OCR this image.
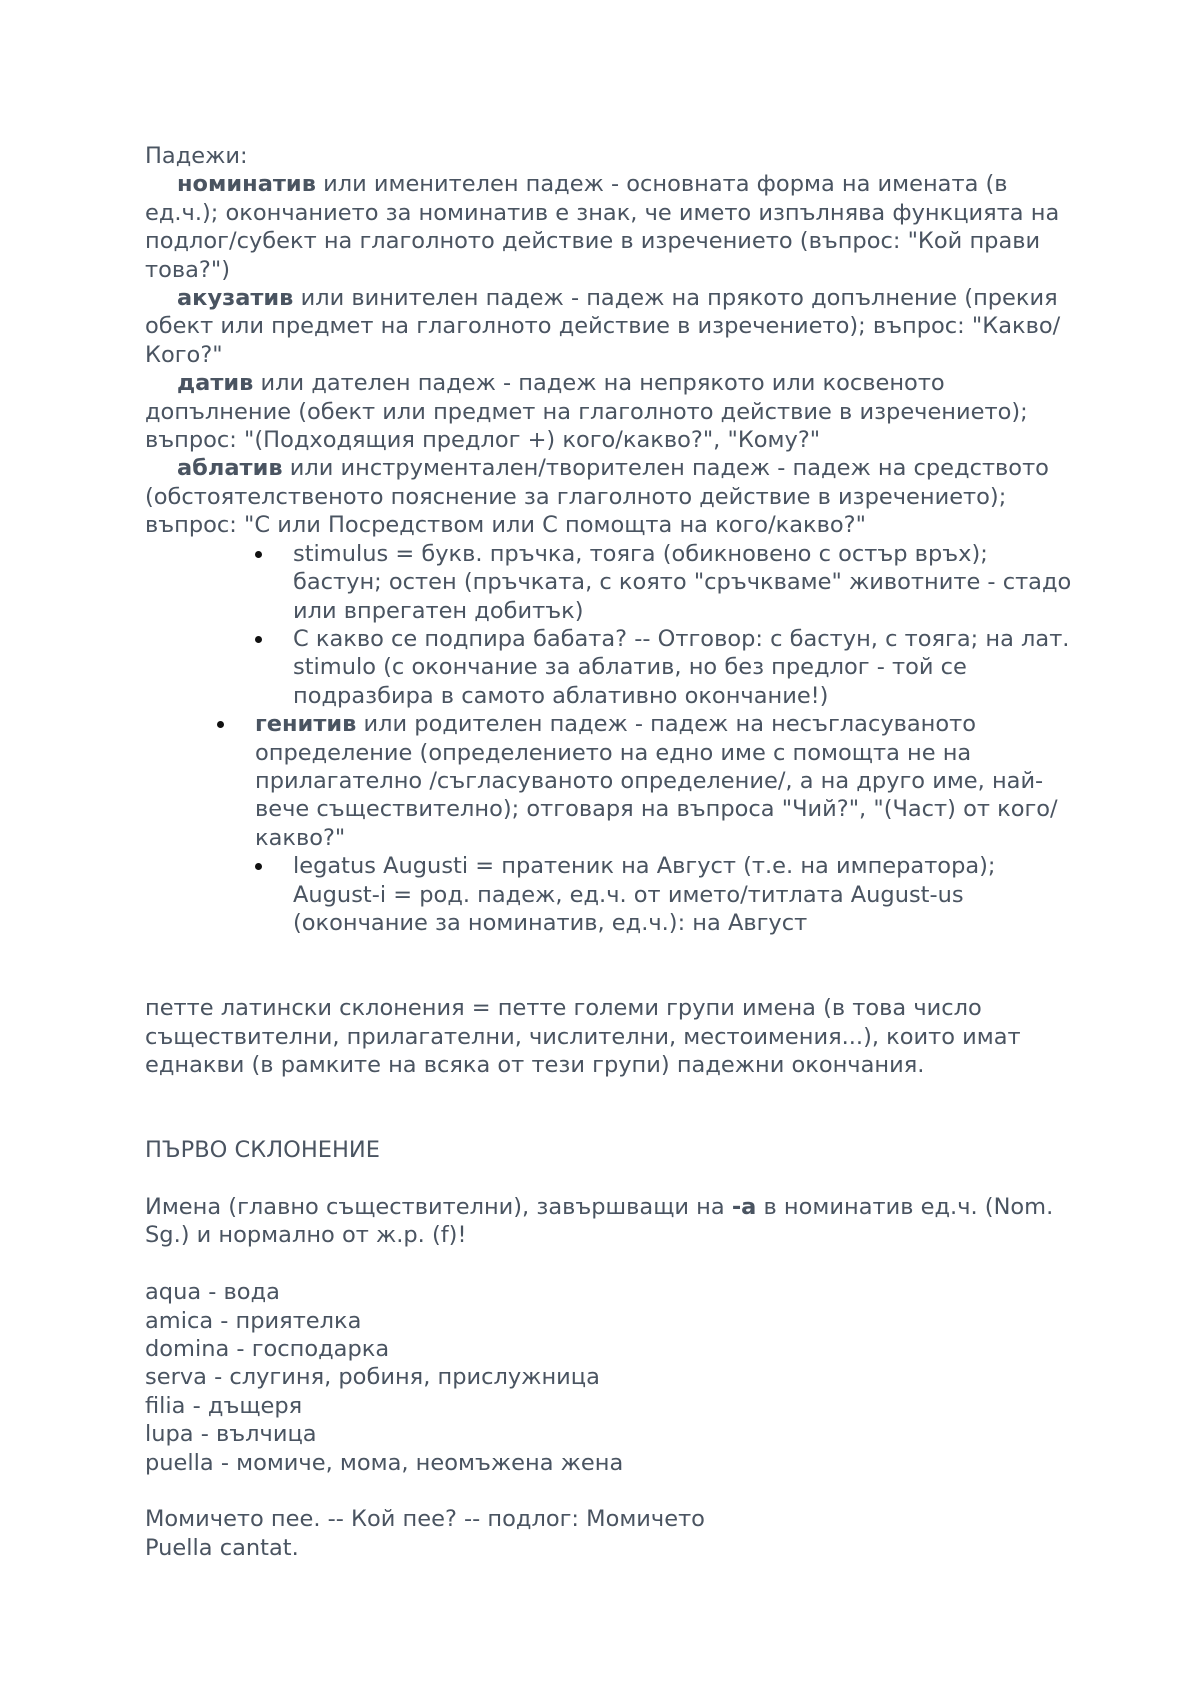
Падежи:

номинатив или именителен падеж - основната форма на имената (в ед.ч.); окончанието за номинатив е знак, че името изпълнява функцията на подлог/субект на глаголното действие в изречението (въпрос: "Кой прави това?")

акузатив или винителен падеж - падеж на прякото допълнение (прекия обект или предмет на глаголното действие в изречението); въпрос: "Какво/Кого?"

датив или дателен падеж - падеж на непрякото или косвеното допълнение (обект или предмет на глаголното действие в изречението); въпрос: "(Подходящия предлог +) кого/какво?", "Кому?"

аблатив или инструментален/творителен падеж - падеж на средството (обстоятелственото пояснение за глаголното действие в изречението); въпрос: "С или Посредством или С помощта на кого/какво?"

stimulus = букв. пръчка, тояга (обикновено с остър връх); бастун; остен (пръчката, с която "сръчкваме" животните - стадо или впрегатен добитък)
С какво се подпира бабата? -- Отговор: с бастун, с тояга; на лат. stimulo (с окончание за аблатив, но без предлог - той се подразбира в самото аблативно окончание!)
генитив или родителен падеж - падеж на несъгласуваното определение (определението на едно име с помощта не на прилагателно /съгласуваното определение/, а на друго име, най-вече съществително); отговаря на въпроса "Чий?", "(Част) от кого/какво?"
legatus Augusti = пратеник на Август (т.е. на императора); August-i = род. падеж, ед.ч. от името/титлата August-us (окончание за номинатив, ед.ч.): на Август

петте латински склонения = петте големи групи имена (в това число съществителни, прилагателни, числителни, местоимения...), които имат еднакви (в рамките на всяка от тези групи) падежни окончания.

ПЪРВО СКЛОНЕНИЕ

Имена (главно съществителни), завършващи на -a в номинатив ед.ч. (Nom. Sg.) и нормално от ж.р. (f)!

aqua - вода

amica - приятелка

domina - господарка

serva - слугиня, робиня, прислужница

filia - дъщеря

lupa - вълчица

puella - момиче, мома, неомъжена жена

Момичето пее. -- Кой пее? -- подлог: Момичето

Puella cantat.
